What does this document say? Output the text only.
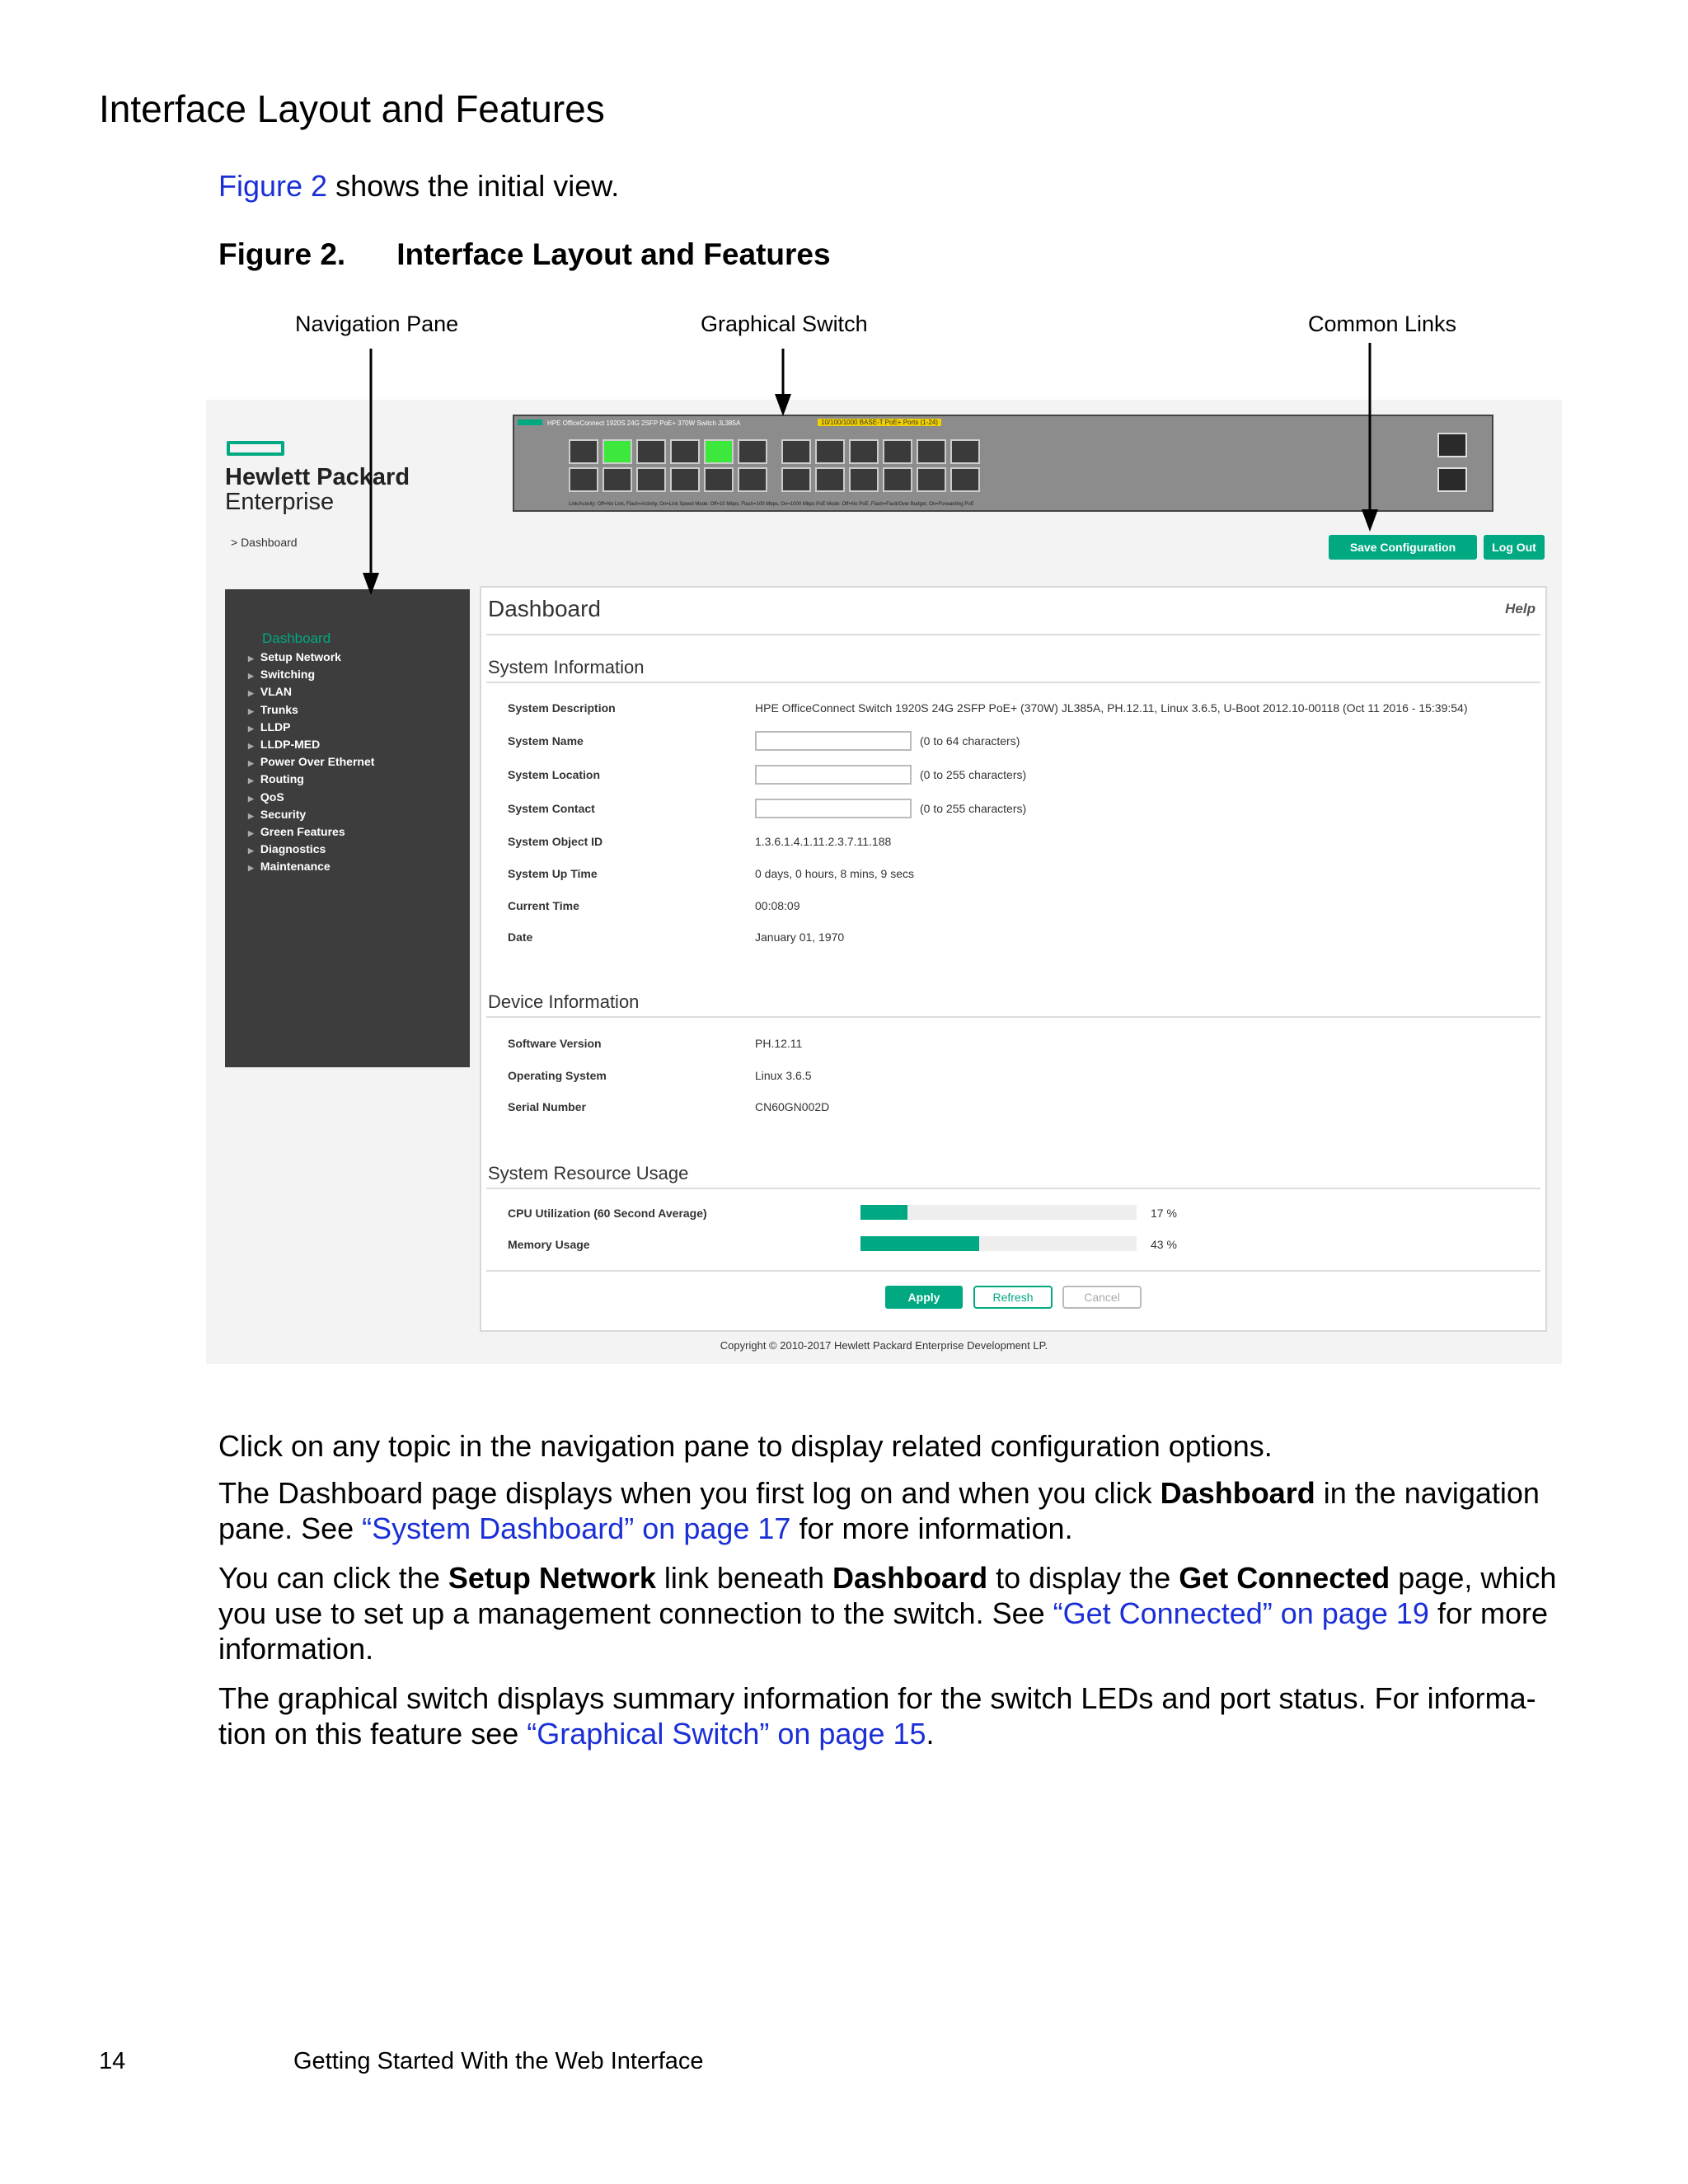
Interface Layout and Features
Figure 2 shows the initial view.
Figure 2. Interface Layout and Features
Navigation Pane	Graphical Switch	Common Links
Hewlett Packard
Enterprise
> Dashboard
HPE OfficeConnect 1920S 24G 2SFP PoE+ 370W Switch JL385A	10/100/1000 BASE-T PoE+ Ports (1-24)
Link/Activity: Off=No Link, Flash=Activity, On=Link Speed Mode: Off=10 Mbps, Flash=100 Mbps, On=1000 Mbps PoE Mode: Off=No PoE, Flash=Fault/Over Budget, On=Forwarding PoE
Save Configuration	Log Out
Dashboard
▶ Setup Network
▶ Switching
▶ VLAN
▶ Trunks
▶ LLDP
▶ LLDP-MED
▶ Power Over Ethernet
▶ Routing
▶ QoS
▶ Security
▶ Green Features
▶ Diagnostics
▶ Maintenance
Dashboard	Help
System Information
System Description	HPE OfficeConnect Switch 1920S 24G 2SFP PoE+ (370W) JL385A, PH.12.11, Linux 3.6.5, U-Boot 2012.10-00118 (Oct 11 2016 - 15:39:54)
System Name	(0 to 64 characters)
System Location	(0 to 255 characters)
System Contact	(0 to 255 characters)
System Object ID	1.3.6.1.4.1.11.2.3.7.11.188
System Up Time	0 days, 0 hours, 8 mins, 9 secs
Current Time	00:08:09
Date	January 01, 1970
Device Information
Software Version	PH.12.11
Operating System	Linux 3.6.5
Serial Number	CN60GN002D
System Resource Usage
CPU Utilization (60 Second Average)	17 %
Memory Usage	43 %
Apply	Refresh	Cancel
Copyright © 2010-2017 Hewlett Packard Enterprise Development LP.
Click on any topic in the navigation pane to display related configuration options.
The Dashboard page displays when you first log on and when you click Dashboard in the navigation pane. See “System Dashboard” on page 17 for more information.
You can click the Setup Network link beneath Dashboard to display the Get Connected page, which you use to set up a management connection to the switch. See “Get Connected” on page 19 for more information.
The graphical switch displays summary information for the switch LEDs and port status. For informa-tion on this feature see “Graphical Switch” on page 15.
14	Getting Started With the Web Interface
